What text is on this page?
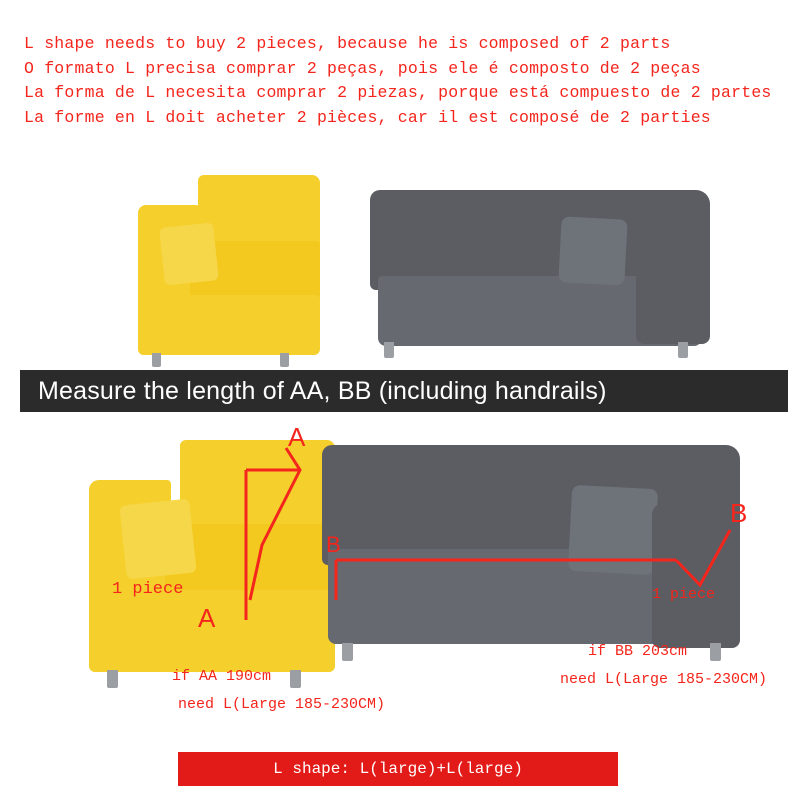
L shape needs to buy 2 pieces, because he is composed of 2 parts
O formato L precisa comprar 2 peças, pois ele é composto de 2 peças
La forma de L necesita comprar 2 piezas, porque está compuesto de 2 partes
La forme en L doit acheter 2 pièces, car il est composé de 2 parties
Measure the length of AA, BB (including handrails)
A
A
B
B
1 piece	1 piece
if AA 190cm
need L(Large 185-230CM)
if BB 203cm
need L(Large 185-230CM)
L shape: L(large)+L(large)
